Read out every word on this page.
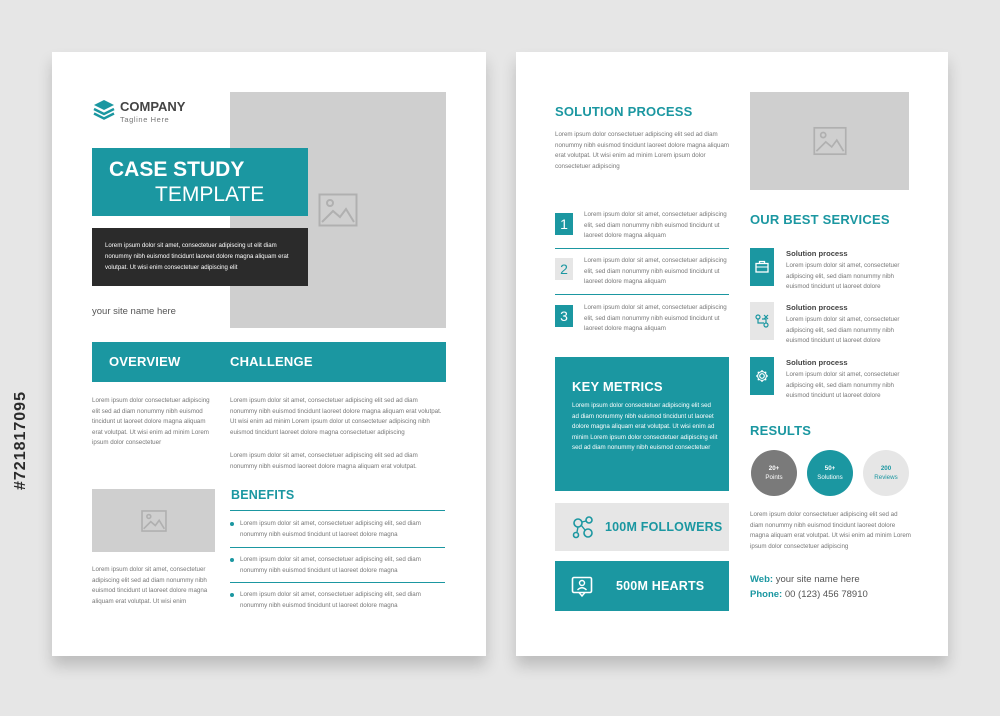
COMPANY
Tagline Here
CASE STUDY
TEMPLATE

Lorem ipsum dolor sit amet, consectetuer adipiscing ut elit diam nonummy nibh euismod tincidunt laoreet dolore magna aliquam erat volutpat. Ut wisi enim consectetuer adipiscing elit

your site name here
OVERVIEW	CHALLENGE

Lorem ipsum dolor consectetuer adipiscing elit sed ad diam nonummy nibh euismod tincidunt ut laoreet dolore magna aliquam erat volutpat. Ut wisi enim ad minim Lorem ipsum dolor consectetuer

Lorem ipsum dolor sit amet, consectetuer adipiscing elit sed ad diam nonummy nibh euismod tincidunt laoreet dolore magna aliquam erat volutpat. Ut wisi enim ad minim Lorem ipsum dolor ut consectetuer adipiscing nibh euismod tincidunt laoreet dolore magna consectetuer adipiscing

Lorem ipsum dolor sit amet, consectetuer adipiscing elit sed ad diam nonummy nibh euismod laoreet dolore magna aliquam erat volutpat.

Lorem ipsum dolor sit amet, consectetuer adipiscing elit sed ad diam nonummy nibh euismod tincidunt ut laoreet dolore magna aliquam erat volutpat. Ut wisi enim

BENEFITS

Lorem ipsum dolor sit amet, consectetuer adipiscing elit, sed diam nonummy nibh euismod tincidunt ut laoreet dolore magna

Lorem ipsum dolor sit amet, consectetuer adipiscing elit, sed diam nonummy nibh euismod tincidunt ut laoreet dolore magna

Lorem ipsum dolor sit amet, consectetuer adipiscing elit, sed diam nonummy nibh euismod tincidunt ut laoreet dolore magna

SOLUTION PROCESS

Lorem ipsum dolor consectetuer adipiscing elit sed ad diam nonummy nibh euismod tincidunt laoreet dolore magna aliquam erat volutpat. Ut wisi enim ad minim Lorem ipsum dolor consectetuer adipiscing

1

Lorem ipsum dolor sit amet, consectetuer adipiscing elit, sed diam nonummy nibh euismod tincidunt ut laoreet dolore magna aliquam

2

Lorem ipsum dolor sit amet, consectetuer adipiscing elit, sed diam nonummy nibh euismod tincidunt ut laoreet dolore magna aliquam

3

Lorem ipsum dolor sit amet, consectetuer adipiscing elit, sed diam nonummy nibh euismod tincidunt ut laoreet dolore magna aliquam

KEY METRICS

Lorem ipsum dolor consectetuer adipiscing elit sed ad diam nonummy nibh euismod tincidunt ut laoreet dolore magna aliquam erat volutpat. Ut wisi enim ad minim Lorem ipsum dolor consectetuer adipiscing elit sed ad diam nonummy nibh euismod consectetuer

100M FOLLOWERS
500M HEARTS
OUR BEST SERVICES
Solution process

Lorem ipsum dolor sit amet, consectetuer adipiscing elit, sed diam nonummy nibh euismod tincidunt ut laoreet dolore

Solution process

Lorem ipsum dolor sit amet, consectetuer adipiscing elit, sed diam nonummy nibh euismod tincidunt ut laoreet dolore

Solution process

Lorem ipsum dolor sit amet, consectetuer adipiscing elit, sed diam nonummy nibh euismod tincidunt ut laoreet dolore

RESULTS
20+
Points
50+
Solutions
200
Reviews

Lorem ipsum dolor consectetuer adipiscing elit sed ad diam nonummy nibh euismod tincidunt laoreet dolore magna aliquam erat volutpat. Ut wisi enim ad minim Lorem ipsum dolor consectetuer adipiscing

Web: your site name here
Phone: 00 (123) 456 78910
#721817095
